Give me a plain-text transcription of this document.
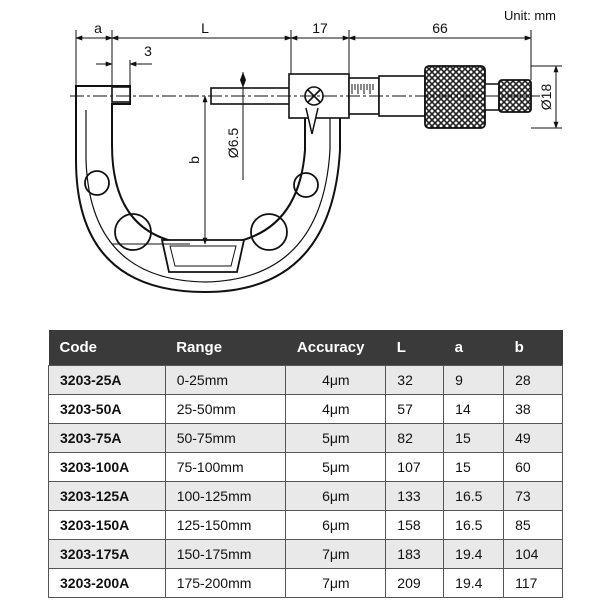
Unit: mm
a
3
L	17	66
b
Ø6.5
Ø18
Code	Range	Accuracy	L	a	b
3203-25A	0-25mm	4μm	32	9	28
3203-50A	25-50mm	4μm	57	14	38
3203-75A	50-75mm	5μm	82	15	49
3203-100A	75-100mm	5μm	107	15	60
3203-125A	100-125mm	6μm	133	16.5	73
3203-150A	125-150mm	6μm	158	16.5	85
3203-175A	150-175mm	7μm	183	19.4	104
3203-200A	175-200mm	7μm	209	19.4	117
